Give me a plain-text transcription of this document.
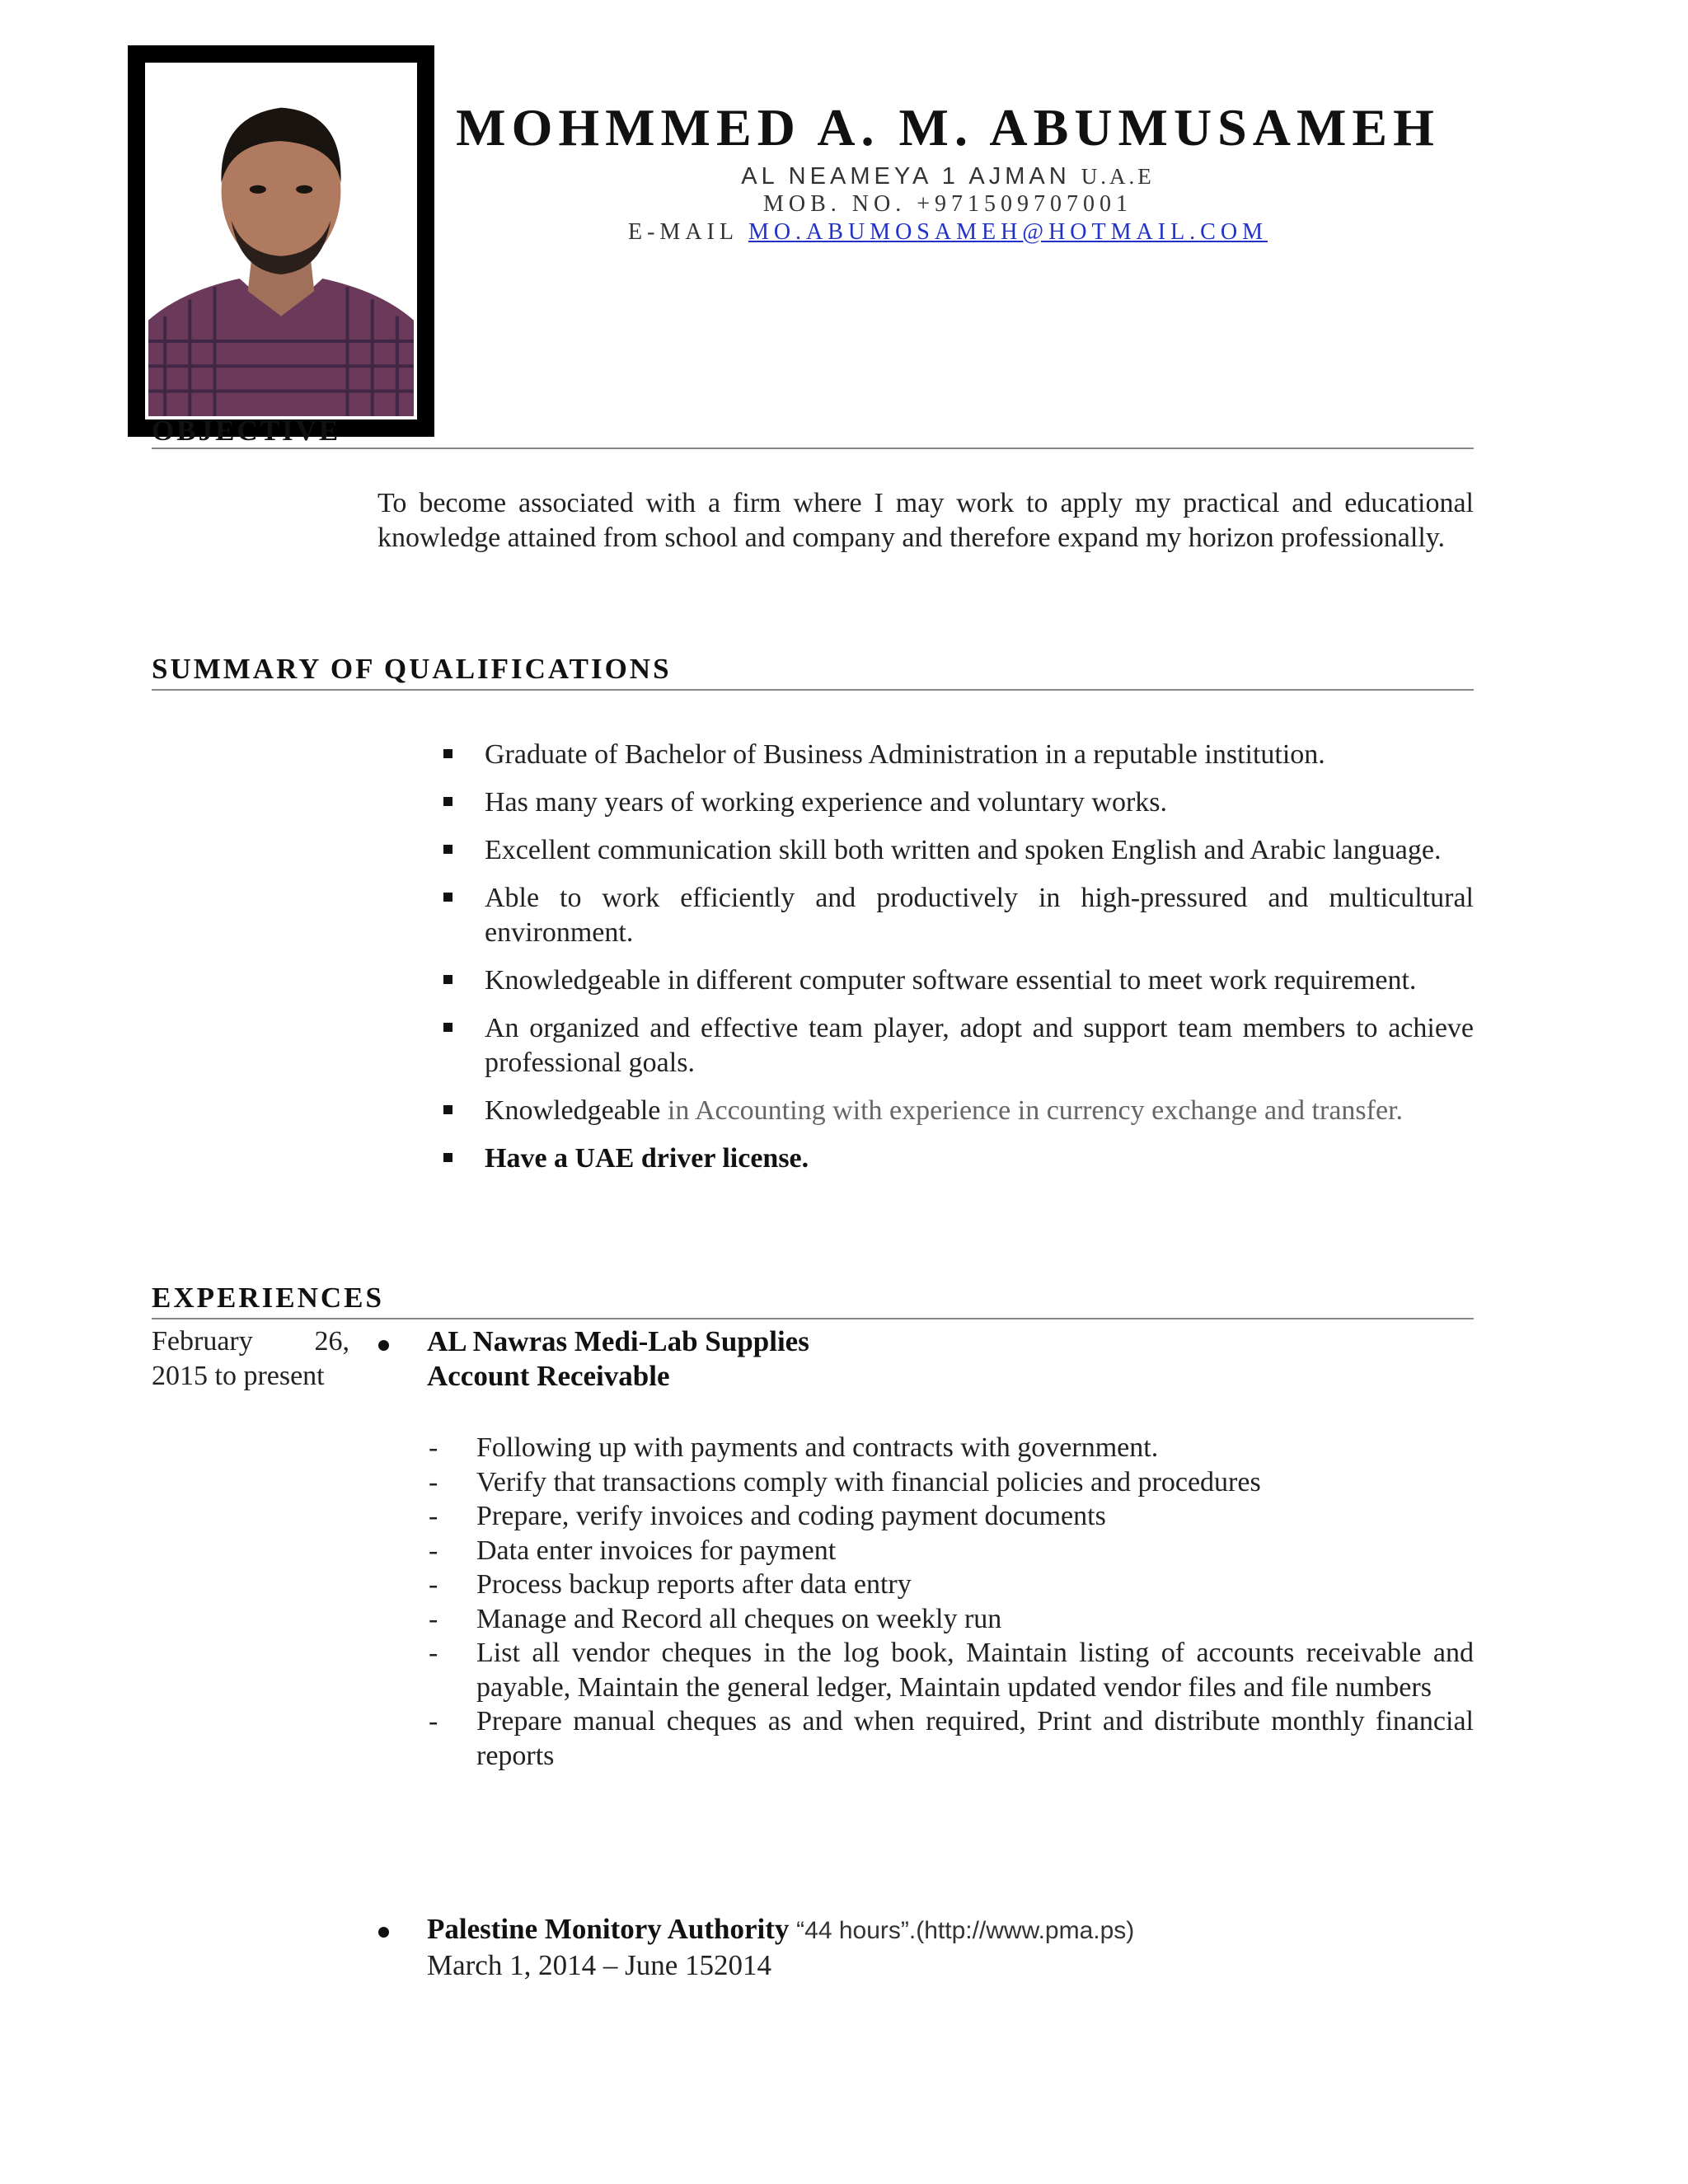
MOHMMED A. M. ABUMUSAMEH
AL NEAMEYA 1 AJMAN U.A.E
MOB. NO. +971509707001
E-MAIL MO.ABUMOSAMEH@HOTMAIL.COM
OBJECTIVE
To become associated with a firm where I may work to apply my practical and educational knowledge attained from school and company and therefore expand my horizon professionally.
SUMMARY OF QUALIFICATIONS
Graduate of Bachelor of Business Administration in a reputable institution.
Has many years of working experience and voluntary works.
Excellent communication skill both written and spoken English and Arabic language.
Able to work efficiently and productively in high-pressured and multicultural environment.
Knowledgeable in different computer software essential to meet work requirement.
An organized and effective team player, adopt and support team members to achieve professional goals.
Knowledgeable in Accounting with experience in currency exchange and transfer.
Have a UAE driver license.
EXPERIENCES
February 26,
2015 to present
AL Nawras Medi-Lab Supplies
Account Receivable
- Following up with payments and contracts with government.
- Verify that transactions comply with financial policies and procedures
- Prepare, verify invoices and coding payment documents
- Data enter invoices for payment
- Process backup reports after data entry
- Manage and Record all cheques on weekly run
- List all vendor cheques in the log book, Maintain listing of accounts receivable and payable, Maintain the general ledger, Maintain updated vendor files and file numbers
- Prepare manual cheques as and when required, Print and distribute monthly financial reports
Palestine Monitory Authority “44 hours”.(http://www.pma.ps)
March 1, 2014 – June 152014
